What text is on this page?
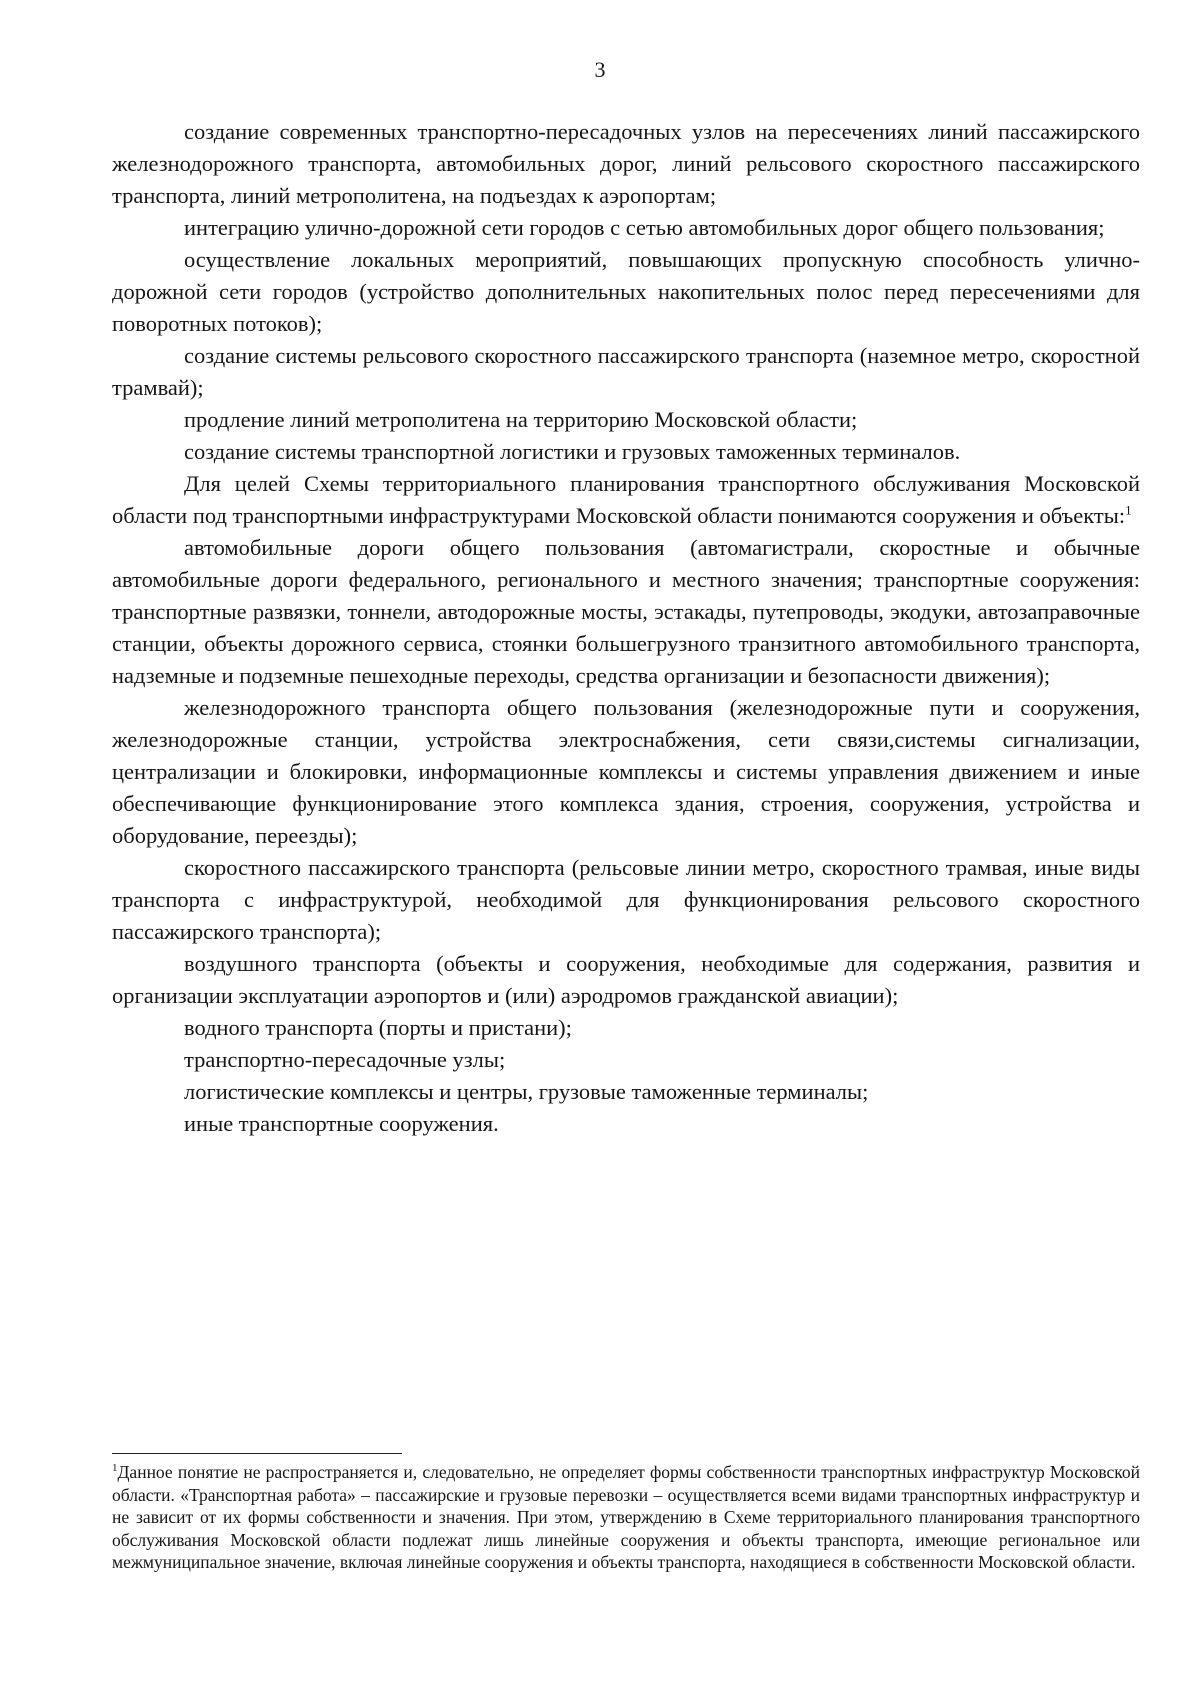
3

создание современных транспортно-пересадочных узлов на пересечениях линий пассажирского железнодорожного транспорта, автомобильных дорог, линий рельсового скоростного пассажирского транспорта, линий метрополитена, на подъездах к аэропортам;

интеграцию улично-дорожной сети городов с сетью автомобильных дорог общего пользования;

осуществление локальных мероприятий, повышающих пропускную способность улично-дорожной сети городов (устройство дополнительных накопительных полос перед пересечениями для поворотных потоков);

создание системы рельсового скоростного пассажирского транспорта (наземное метро, скоростной трамвай);

продление линий метрополитена на территорию Московской области;

создание системы транспортной логистики и грузовых таможенных терминалов.

Для целей Схемы территориального планирования транспортного обслуживания Московской области под транспортными инфраструктурами Московской области понимаются сооружения и объекты:$^1$

автомобильные дороги общего пользования (автомагистрали, скоростные и обычные автомобильные дороги федерального, регионального и местного значения; транспортные сооружения: транспортные развязки, тоннели, автодорожные мосты, эстакады, путепроводы, экодуки, автозаправочные станции, объекты дорожного сервиса, стоянки большегрузного транзитного автомобильного транспорта, надземные и подземные пешеходные переходы, средства организации и безопасности движения);

железнодорожного транспорта общего пользования (железнодорожные пути и сооружения, железнодорожные станции, устройства электроснабжения, сети связи,системы сигнализации, централизации и блокировки, информационные комплексы и системы управления движением и иные обеспечивающие функционирование этого комплекса здания, строения, сооружения, устройства и оборудование, переезды);

скоростного пассажирского транспорта (рельсовые линии метро, скоростного трамвая, иные виды транспорта с инфраструктурой, необходимой для функционирования рельсового скоростного пассажирского транспорта);

воздушного транспорта (объекты и сооружения, необходимые для содержания, развития и организации эксплуатации аэропортов и (или) аэродромов гражданской авиации);

водного транспорта (порты и пристани);

транспортно-пересадочные узлы;

логистические комплексы и центры, грузовые таможенные терминалы;

иные транспортные сооружения.

$^1$Данное понятие не распространяется и, следовательно, не определяет формы собственности транспортных инфраструктур Московской области. «Транспортная работа» – пассажирские и грузовые перевозки – осуществляется всеми видами транспортных инфраструктур и не зависит от их формы собственности и значения. При этом, утверждению в Схеме территориального планирования транспортного обслуживания Московской области подлежат лишь линейные сооружения и объекты транспорта, имеющие региональное или межмуниципальное значение, включая линейные сооружения и объекты транспорта, находящиеся в собственности Московской области.
